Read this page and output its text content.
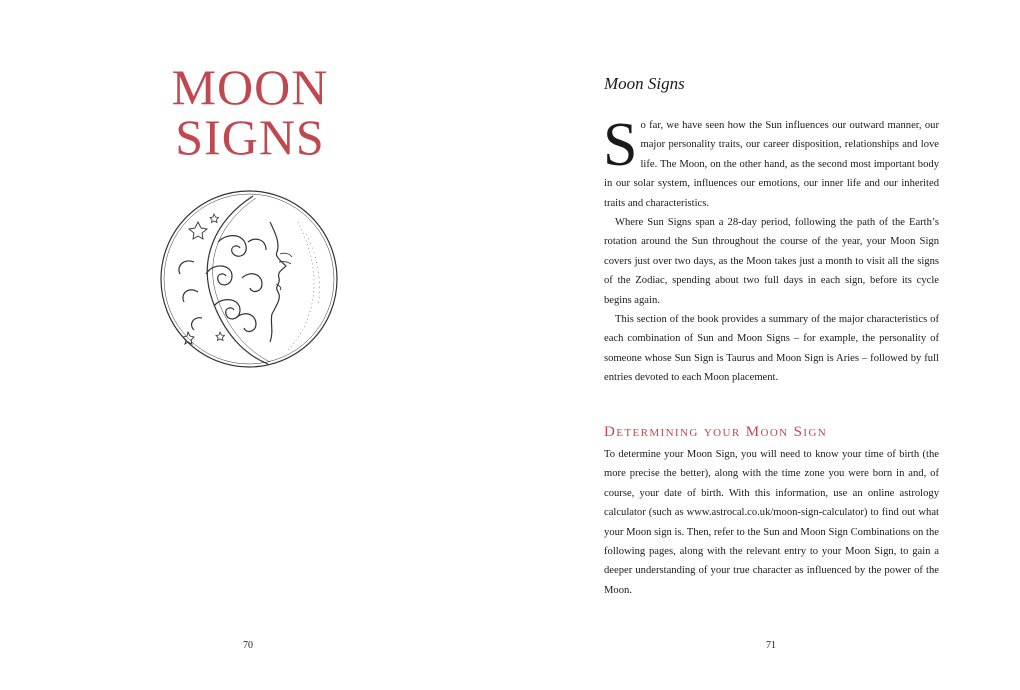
MOON
SIGNS
70
Moon Signs

So far, we have seen how the Sun influences our outward manner, our major personality traits, our career disposition, relationships and love life. The Moon, on the other hand, as the second most important body in our solar system, influences our emotions, our inner life and our inherited traits and characteristics.

Where Sun Signs span a 28-day period, following the path of the Earth’s rotation around the Sun throughout the course of the year, your Moon Sign covers just over two days, as the Moon takes just a month to visit all the signs of the Zodiac, spending about two full days in each sign, before its cycle begins again.

This section of the book provides a summary of the major characteristics of each combination of Sun and Moon Signs – for example, the personality of someone whose Sun Sign is Taurus and Moon Sign is Aries – followed by full entries devoted to each Moon placement.

Determining your Moon Sign

To determine your Moon Sign, you will need to know your time of birth (the more precise the better), along with the time zone you were born in and, of course, your date of birth. With this information, use an online astrology calculator (such as www.astrocal.co.uk/moon-sign-calculator) to find out what your Moon sign is. Then, refer to the Sun and Moon Sign Combinations on the following pages, along with the relevant entry to your Moon Sign, to gain a deeper understanding of your true character as influenced by the power of the Moon.

71
